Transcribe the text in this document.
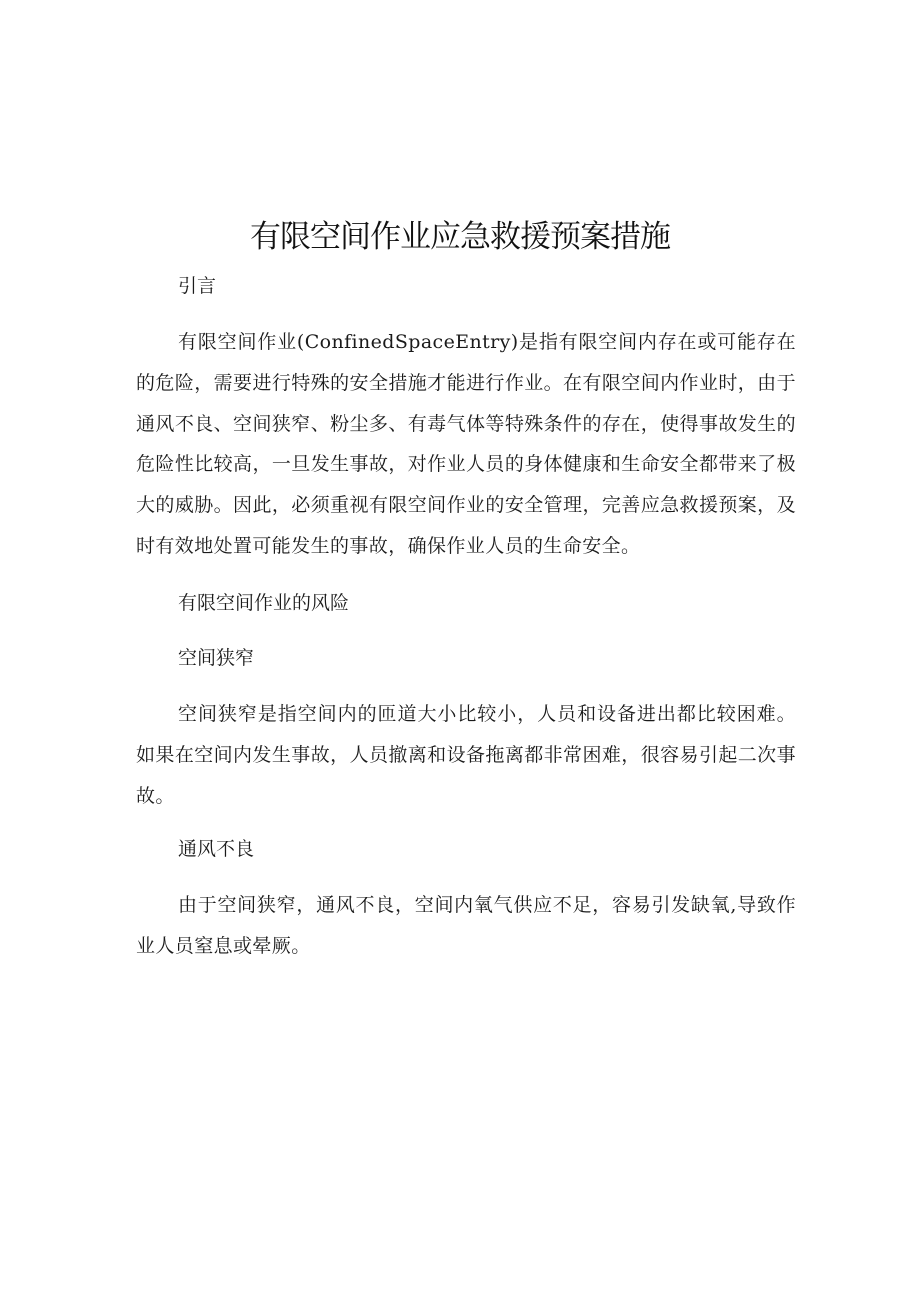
有限空间作业应急救援预案措施

引言

有限空间作业(ConfinedSpaceEntry)是指有限空间内存在或可能存在的危险，需要进行特殊的安全措施才能进行作业。在有限空间内作业时，由于通风不良、空间狭窄、粉尘多、有毒气体等特殊条件的存在，使得事故发生的危险性比较高，一旦发生事故，对作业人员的身体健康和生命安全都带来了极大的威胁。因此，必须重视有限空间作业的安全管理，完善应急救援预案，及时有效地处置可能发生的事故，确保作业人员的生命安全。

有限空间作业的风险

空间狭窄

空间狭窄是指空间内的匝道大小比较小，人员和设备进出都比较困难。如果在空间内发生事故，人员撤离和设备拖离都非常困难，很容易引起二次事故。

通风不良

由于空间狭窄，通风不良，空间内氧气供应不足，容易引发缺氧,导致作业人员窒息或晕厥。
